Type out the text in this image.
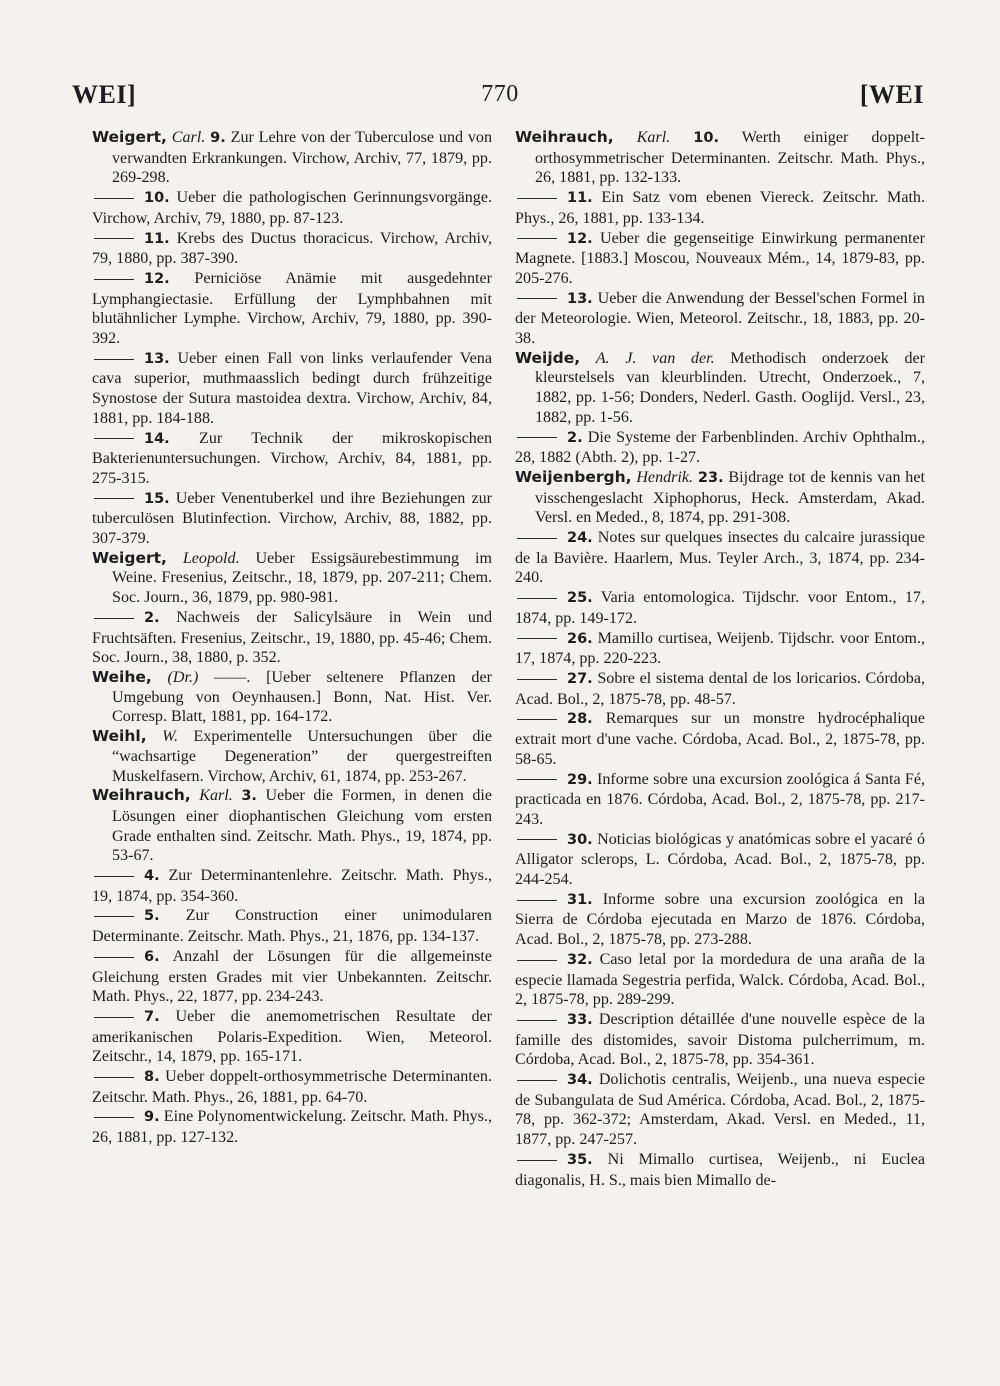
WEI]	770	[WEI

Weigert, Carl. 9. Zur Lehre von der Tuberculose und von verwandten Erkrankungen. Virchow, Archiv, 77, 1879, pp. 269-298.

10. Ueber die pathologischen Gerinnungsvorgänge. Virchow, Archiv, 79, 1880, pp. 87-123.

11. Krebs des Ductus thoracicus. Virchow, Archiv, 79, 1880, pp. 387-390.

12. Perniciöse Anämie mit ausgedehnter Lymphangiectasie. Erfüllung der Lymphbahnen mit blutähnlicher Lymphe. Virchow, Archiv, 79, 1880, pp. 390-392.

13. Ueber einen Fall von links verlaufender Vena cava superior, muthmaasslich bedingt durch frühzeitige Synostose der Sutura mastoidea dextra. Virchow, Archiv, 84, 1881, pp. 184-188.

14. Zur Technik der mikroskopischen Bakterienuntersuchungen. Virchow, Archiv, 84, 1881, pp. 275-315.

15. Ueber Venentuberkel und ihre Beziehungen zur tuberculösen Blutinfection. Virchow, Archiv, 88, 1882, pp. 307-379.

Weigert, Leopold. Ueber Essigsäurebestimmung im Weine. Fresenius, Zeitschr., 18, 1879, pp. 207-211; Chem. Soc. Journ., 36, 1879, pp. 980-981.

2. Nachweis der Salicylsäure in Wein und Fruchtsäften. Fresenius, Zeitschr., 19, 1880, pp. 45-46; Chem. Soc. Journ., 38, 1880, p. 352.

Weihe, (Dr.) ——. [Ueber seltenere Pflanzen der Umgebung von Oeynhausen.] Bonn, Nat. Hist. Ver. Corresp. Blatt, 1881, pp. 164-172.

Weihl, W. Experimentelle Untersuchungen über die “wachsartige Degeneration” der quergestreiften Muskelfasern. Virchow, Archiv, 61, 1874, pp. 253-267.

Weihrauch, Karl. 3. Ueber die Formen, in denen die Lösungen einer diophantischen Gleichung vom ersten Grade enthalten sind. Zeitschr. Math. Phys., 19, 1874, pp. 53-67.

4. Zur Determinantenlehre. Zeitschr. Math. Phys., 19, 1874, pp. 354-360.

5. Zur Construction einer unimodularen Determinante. Zeitschr. Math. Phys., 21, 1876, pp. 134-137.

6. Anzahl der Lösungen für die allgemeinste Gleichung ersten Grades mit vier Unbekannten. Zeitschr. Math. Phys., 22, 1877, pp. 234-243.

7. Ueber die anemometrischen Resultate der amerikanischen Polaris-Expedition. Wien, Meteorol. Zeitschr., 14, 1879, pp. 165-171.

8. Ueber doppelt-orthosymmetrische Determinanten. Zeitschr. Math. Phys., 26, 1881, pp. 64-70.

9. Eine Polynomentwickelung. Zeitschr. Math. Phys., 26, 1881, pp. 127-132.

Weihrauch, Karl. 10. Werth einiger doppelt-orthosymmetrischer Determinanten. Zeitschr. Math. Phys., 26, 1881, pp. 132-133.

11. Ein Satz vom ebenen Viereck. Zeitschr. Math. Phys., 26, 1881, pp. 133-134.

12. Ueber die gegenseitige Einwirkung permanenter Magnete. [1883.] Moscou, Nouveaux Mém., 14, 1879-83, pp. 205-276.

13. Ueber die Anwendung der Bessel'schen Formel in der Meteorologie. Wien, Meteorol. Zeitschr., 18, 1883, pp. 20-38.

Weijde, A. J. van der. Methodisch onderzoek der kleurstelsels van kleurblinden. Utrecht, Onderzoek., 7, 1882, pp. 1-56; Donders, Nederl. Gasth. Ooglijd. Versl., 23, 1882, pp. 1-56.

2. Die Systeme der Farbenblinden. Archiv Ophthalm., 28, 1882 (Abth. 2), pp. 1-27.

Weijenbergh, Hendrik. 23. Bijdrage tot de kennis van het visschengeslacht Xiphophorus, Heck. Amsterdam, Akad. Versl. en Meded., 8, 1874, pp. 291-308.

24. Notes sur quelques insectes du calcaire jurassique de la Bavière. Haarlem, Mus. Teyler Arch., 3, 1874, pp. 234-240.

25. Varia entomologica. Tijdschr. voor Entom., 17, 1874, pp. 149-172.

26. Mamillo curtisea, Weijenb. Tijdschr. voor Entom., 17, 1874, pp. 220-223.

27. Sobre el sistema dental de los loricarios. Córdoba, Acad. Bol., 2, 1875-78, pp. 48-57.

28. Remarques sur un monstre hydrocéphalique extrait mort d'une vache. Córdoba, Acad. Bol., 2, 1875-78, pp. 58-65.

29. Informe sobre una excursion zoológica á Santa Fé, practicada en 1876. Córdoba, Acad. Bol., 2, 1875-78, pp. 217-243.

30. Noticias biológicas y anatómicas sobre el yacaré ó Alligator sclerops, L. Córdoba, Acad. Bol., 2, 1875-78, pp. 244-254.

31. Informe sobre una excursion zoológica en la Sierra de Córdoba ejecutada en Marzo de 1876. Córdoba, Acad. Bol., 2, 1875-78, pp. 273-288.

32. Caso letal por la mordedura de una araña de la especie llamada Segestria perfida, Walck. Córdoba, Acad. Bol., 2, 1875-78, pp. 289-299.

33. Description détaillée d'une nouvelle espèce de la famille des distomides, savoir Distoma pulcherrimum, m. Córdoba, Acad. Bol., 2, 1875-78, pp. 354-361.

34. Dolichotis centralis, Weijenb., una nueva especie de Subangulata de Sud América. Córdoba, Acad. Bol., 2, 1875-78, pp. 362-372; Amsterdam, Akad. Versl. en Meded., 11, 1877, pp. 247-257.

35. Ni Mimallo curtisea, Weijenb., ni Euclea diagonalis, H. S., mais bien Mimallo de-
